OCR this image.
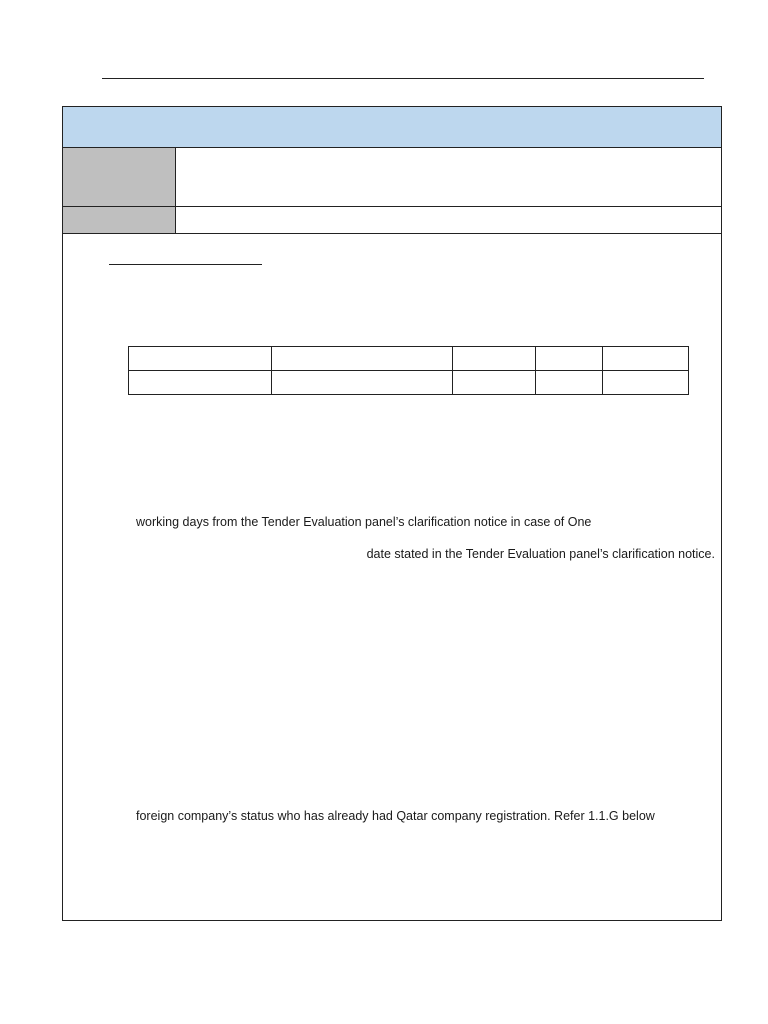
working days from the Tender Evaluation panel’s clarification notice in case of One
date stated in the Tender Evaluation panel’s clarification notice.
foreign company’s status who has already had Qatar company registration. Refer 1.1.G below
